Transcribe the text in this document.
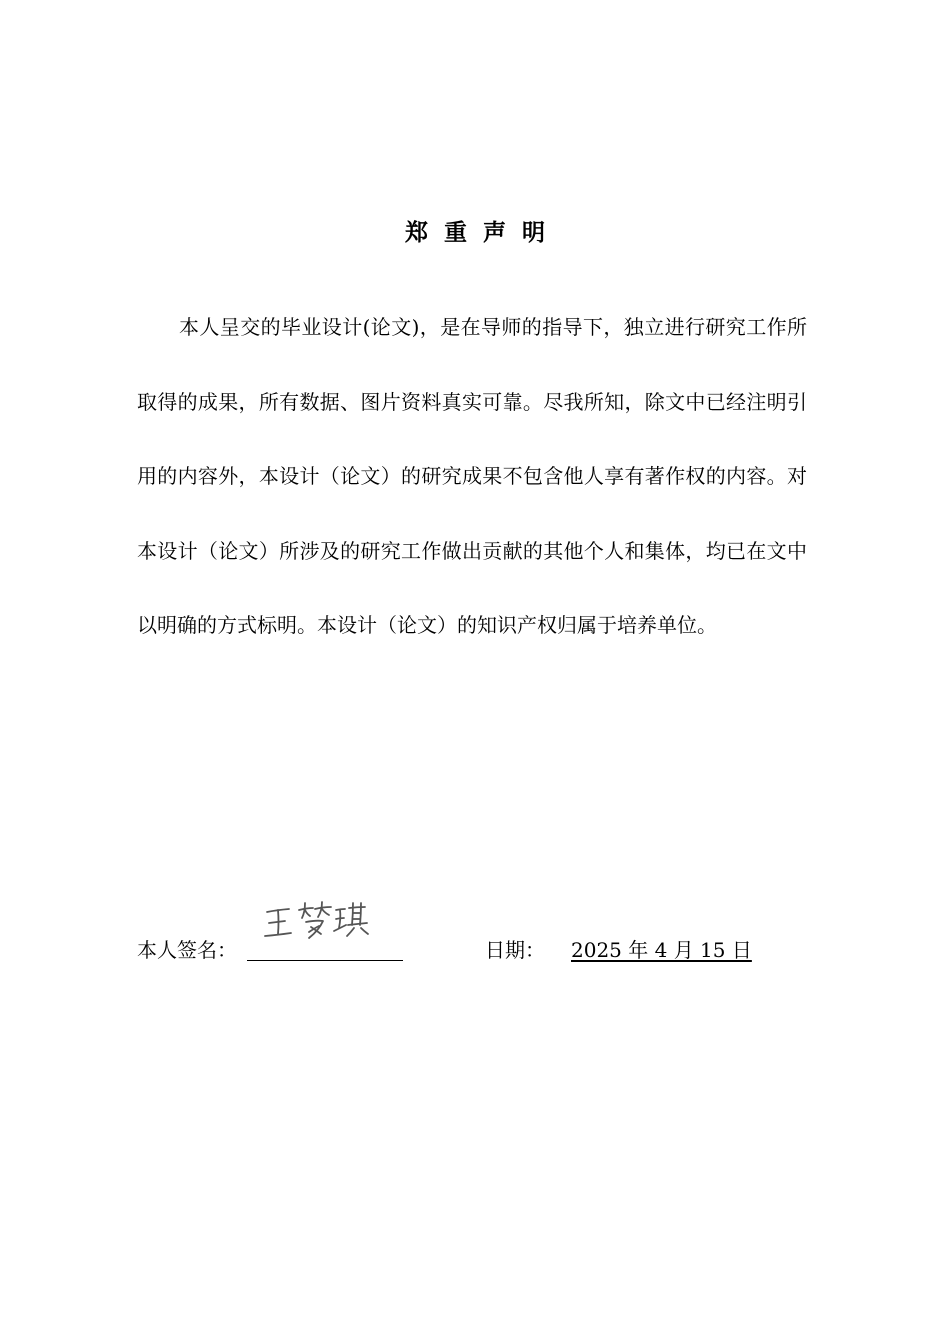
郑重声明

本人呈交的毕业设计(论文)，是在导师的指导下，独立进行研究工作所取得的成果，所有数据、图片资料真实可靠。尽我所知，除文中已经注明引用的内容外，本设计（论文）的研究成果不包含他人享有著作权的内容。对本设计（论文）所涉及的研究工作做出贡献的其他个人和集体，均已在文中以明确的方式标明。本设计（论文）的知识产权归属于培养单位。

本人签名：	日期：	2025 年 4 月 15 日
